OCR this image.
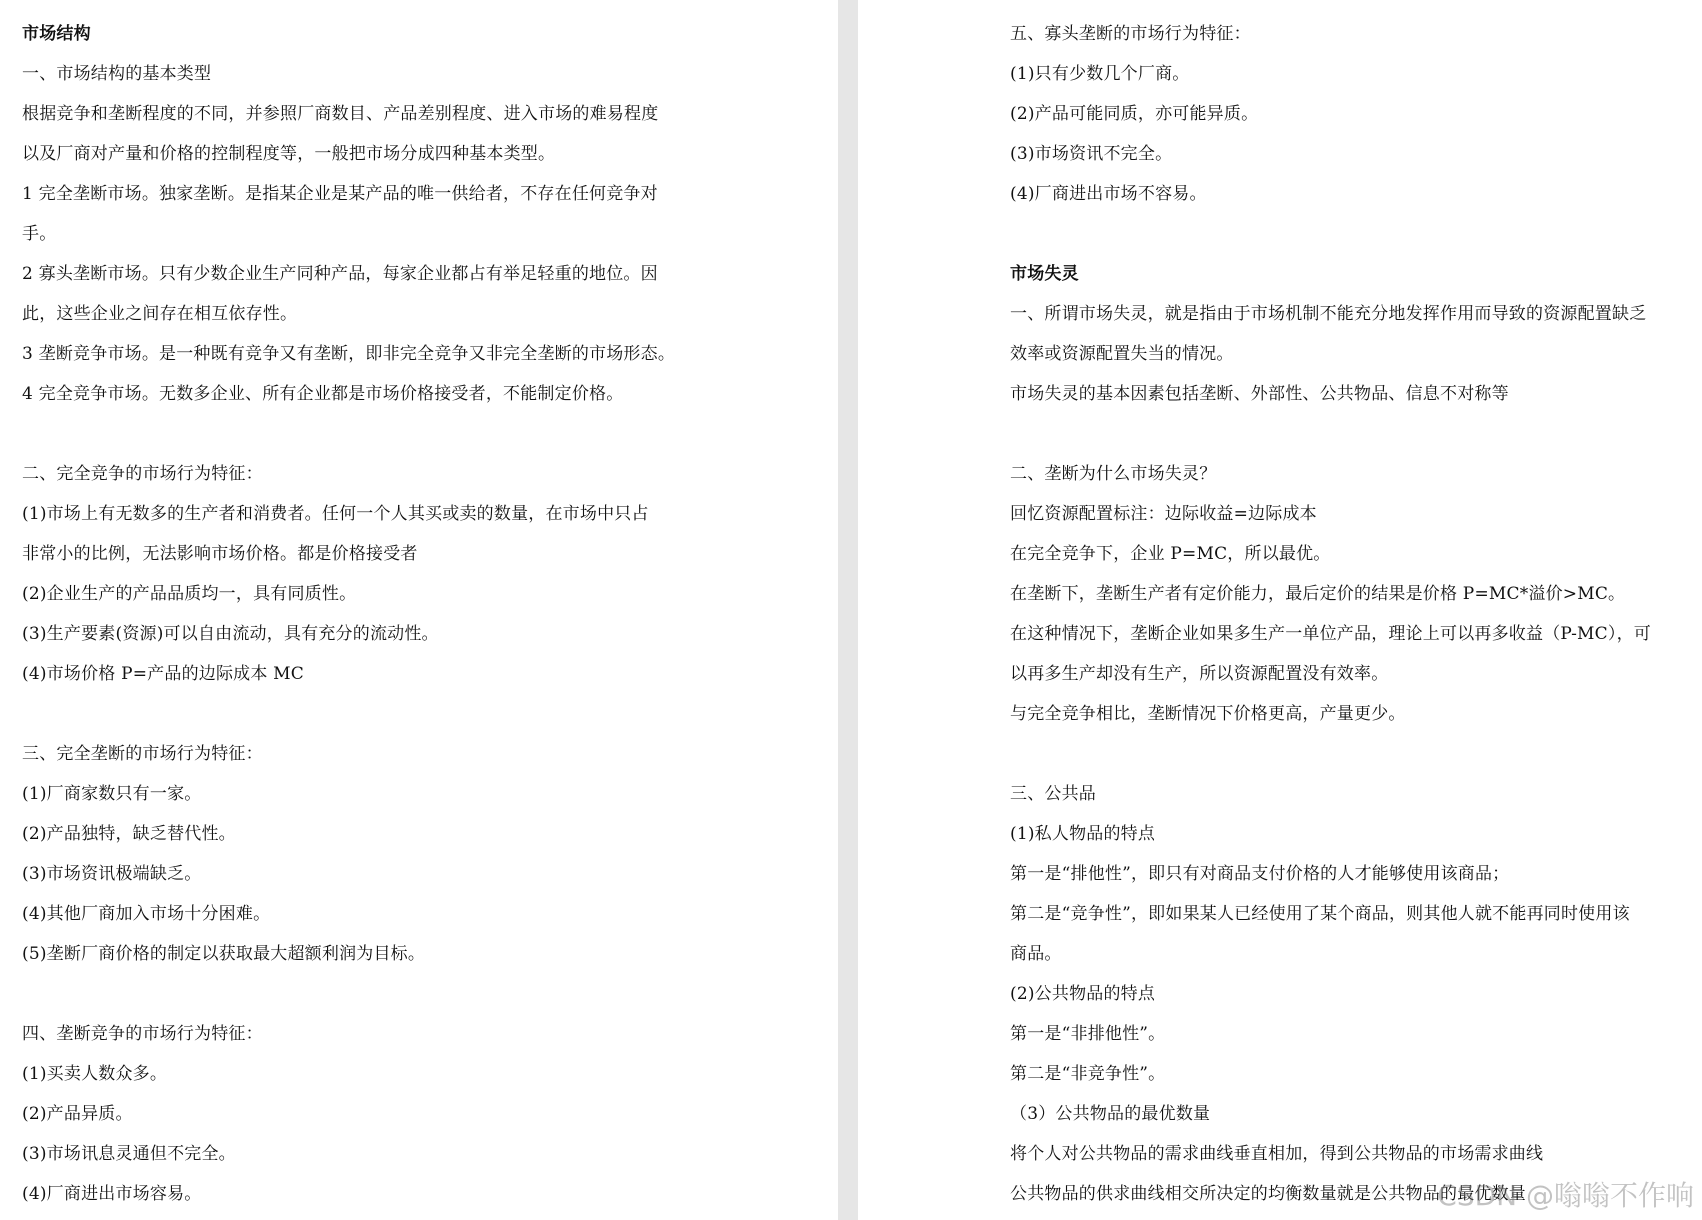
市场结构
一、市场结构的基本类型
根据竞争和垄断程度的不同，并参照厂商数目、产品差别程度、进入市场的难易程度
以及厂商对产量和价格的控制程度等，一般把市场分成四种基本类型。
1 完全垄断市场。独家垄断。是指某企业是某产品的唯一供给者，不存在任何竞争对
手。
2 寡头垄断市场。只有少数企业生产同种产品，每家企业都占有举足轻重的地位。因
此，这些企业之间存在相互依存性。
3 垄断竞争市场。是一种既有竞争又有垄断，即非完全竞争又非完全垄断的市场形态。
4 完全竞争市场。无数多企业、所有企业都是市场价格接受者，不能制定价格。
二、完全竞争的市场行为特征：
(1)市场上有无数多的生产者和消费者。任何一个人其买或卖的数量，在市场中只占
非常小的比例，无法影响市场价格。都是价格接受者
(2)企业生产的产品品质均一，具有同质性。
(3)生产要素(资源)可以自由流动，具有充分的流动性。
(4)市场价格 P=产品的边际成本 MC
三、完全垄断的市场行为特征：
(1)厂商家数只有一家。
(2)产品独特，缺乏替代性。
(3)市场资讯极端缺乏。
(4)其他厂商加入市场十分困难。
(5)垄断厂商价格的制定以获取最大超额利润为目标。
四、垄断竞争的市场行为特征：
(1)买卖人数众多。
(2)产品异质。
(3)市场讯息灵通但不完全。
(4)厂商进出市场容易。
五、寡头垄断的市场行为特征：
(1)只有少数几个厂商。
(2)产品可能同质，亦可能异质。
(3)市场资讯不完全。
(4)厂商进出市场不容易。
市场失灵
一、所谓市场失灵，就是指由于市场机制不能充分地发挥作用而导致的资源配置缺乏
效率或资源配置失当的情况。
市场失灵的基本因素包括垄断、外部性、公共物品、信息不对称等
二、垄断为什么市场失灵？
回忆资源配置标注：边际收益=边际成本
在完全竞争下，企业 P=MC，所以最优。
在垄断下，垄断生产者有定价能力，最后定价的结果是价格 P=MC*溢价>MC。
在这种情况下，垄断企业如果多生产一单位产品，理论上可以再多收益（P-MC），可
以再多生产却没有生产，所以资源配置没有效率。
与完全竞争相比，垄断情况下价格更高，产量更少。
三、公共品
(1)私人物品的特点
第一是“排他性”，即只有对商品支付价格的人才能够使用该商品；
第二是“竞争性”，即如果某人已经使用了某个商品，则其他人就不能再同时使用该
商品。
(2)公共物品的特点
第一是“非排他性”。
第二是“非竞争性”。
（3）公共物品的最优数量
将个人对公共物品的需求曲线垂直相加，得到公共物品的市场需求曲线
公共物品的供求曲线相交所决定的均衡数量就是公共物品的最优数量
CSDN @嗡嗡不作响
